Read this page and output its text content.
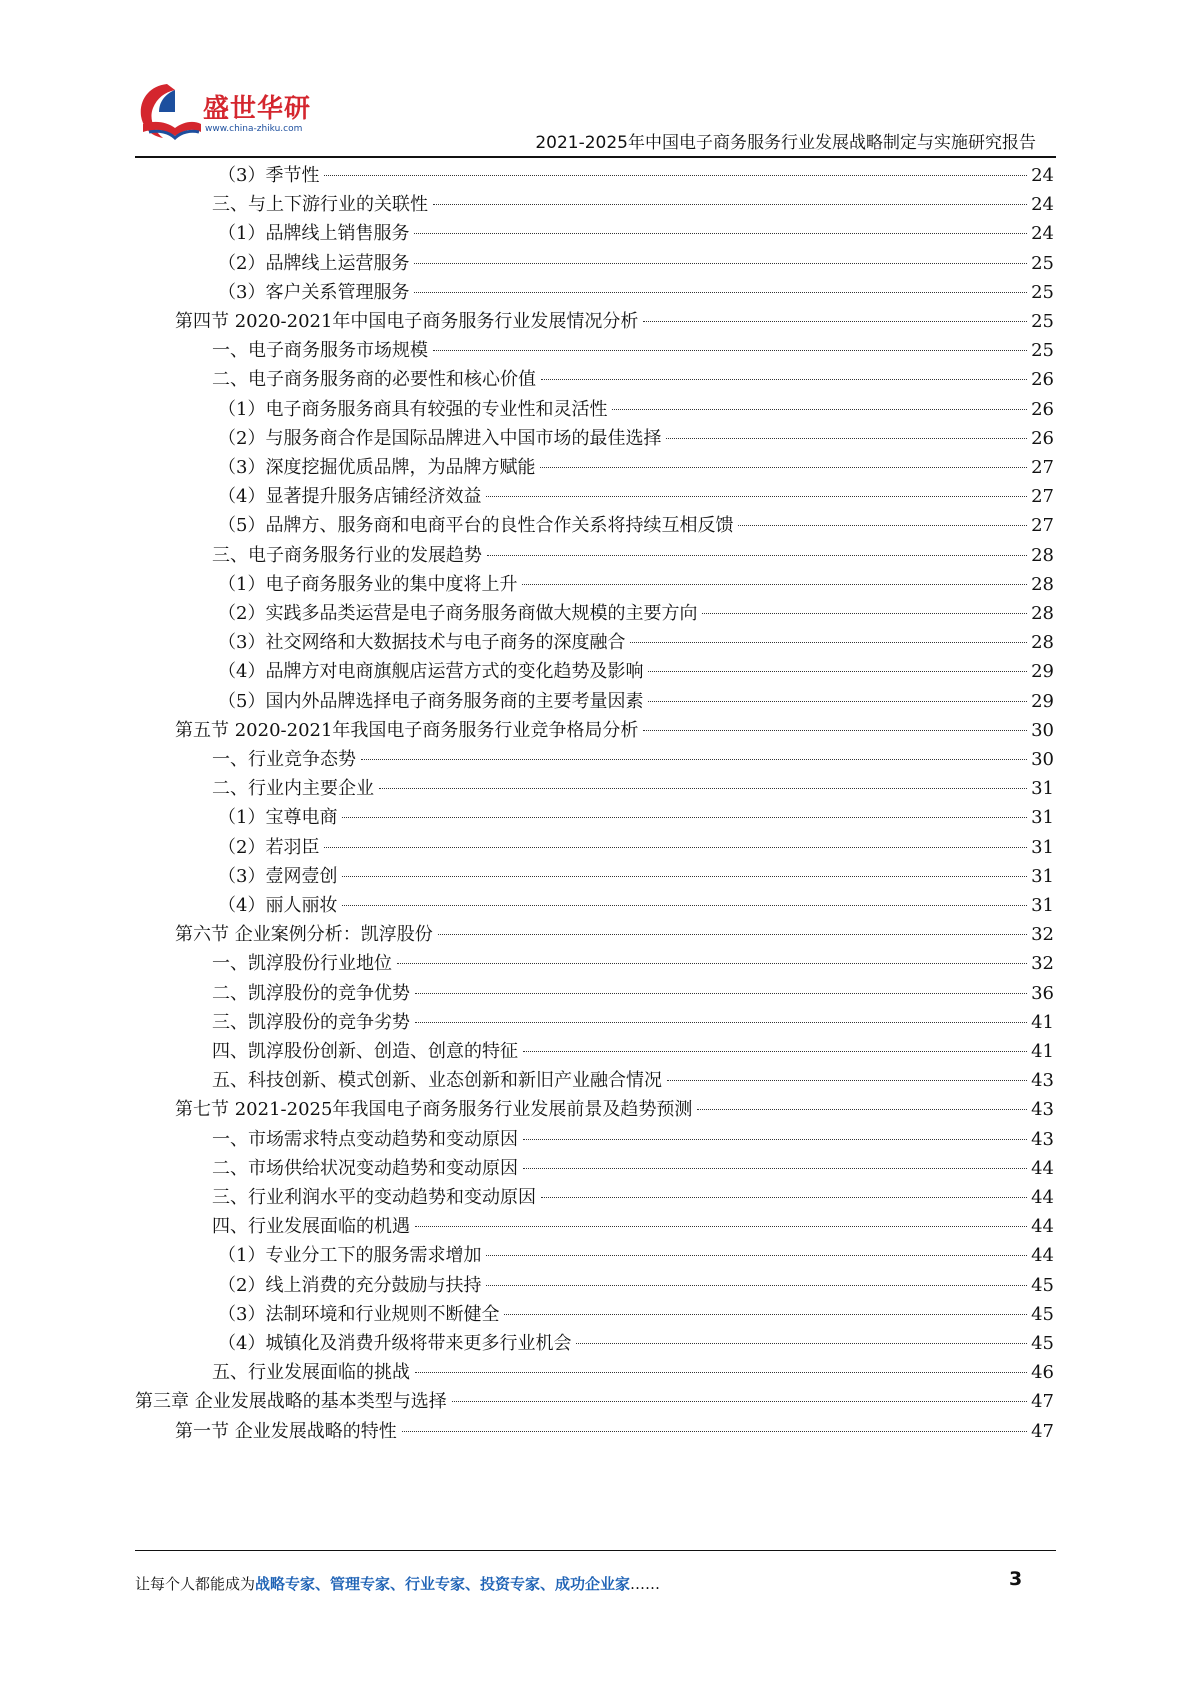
盛世华研
www.china-zhiku.com
2021-2025年中国电子商务服务行业发展战略制定与实施研究报告
（3）季节性	24
三、与上下游行业的关联性	24
（1）品牌线上销售服务	24
（2）品牌线上运营服务	25
（3）客户关系管理服务	25
第四节 2020-2021年中国电子商务服务行业发展情况分析	25
一、电子商务服务市场规模	25
二、电子商务服务商的必要性和核心价值	26
（1）电子商务服务商具有较强的专业性和灵活性	26
（2）与服务商合作是国际品牌进入中国市场的最佳选择	26
（3）深度挖掘优质品牌，为品牌方赋能	27
（4）显著提升服务店铺经济效益	27
（5）品牌方、服务商和电商平台的良性合作关系将持续互相反馈	27
三、电子商务服务行业的发展趋势	28
（1）电子商务服务业的集中度将上升	28
（2）实践多品类运营是电子商务服务商做大规模的主要方向	28
（3）社交网络和大数据技术与电子商务的深度融合	28
（4）品牌方对电商旗舰店运营方式的变化趋势及影响	29
（5）国内外品牌选择电子商务服务商的主要考量因素	29
第五节 2020-2021年我国电子商务服务行业竞争格局分析	30
一、行业竞争态势	30
二、行业内主要企业	31
（1）宝尊电商	31
（2）若羽臣	31
（3）壹网壹创	31
（4）丽人丽妆	31
第六节 企业案例分析：凯淳股份	32
一、凯淳股份行业地位	32
二、凯淳股份的竞争优势	36
三、凯淳股份的竞争劣势	41
四、凯淳股份创新、创造、创意的特征	41
五、科技创新、模式创新、业态创新和新旧产业融合情况	43
第七节 2021-2025年我国电子商务服务行业发展前景及趋势预测	43
一、市场需求特点变动趋势和变动原因	43
二、市场供给状况变动趋势和变动原因	44
三、行业利润水平的变动趋势和变动原因	44
四、行业发展面临的机遇	44
（1）专业分工下的服务需求增加	44
（2）线上消费的充分鼓励与扶持	45
（3）法制环境和行业规则不断健全	45
（4）城镇化及消费升级将带来更多行业机会	45
五、行业发展面临的挑战	46
第三章 企业发展战略的基本类型与选择	47
第一节 企业发展战略的特性	47
让每个人都能成为战略专家、管理专家、行业专家、投资专家、成功企业家……	3
